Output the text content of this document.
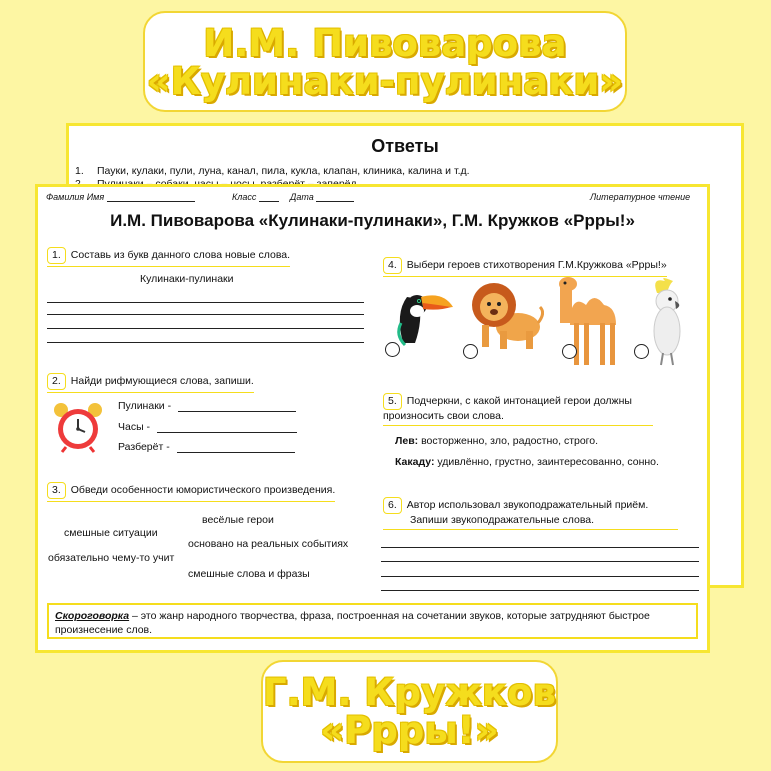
И.М. Пивоварова
«Кулинаки-пулинаки»
Ответы
1. Пауки, кулаки, пули, луна, канал, пила, кукла, клапан, клиника, калина и т.д.
Фамилия Имя	Класс	Дата	Литературное чтение
И.М. Пивоварова «Кулинаки-пулинаки», Г.М. Кружков «Ррры!»
1. Составь из букв данного слова новые слова.
Кулинаки-пулинаки
2. Найди рифмующиеся слова, запиши.
Пулинаки -
Часы -
Разберёт -
3. Обведи особенности юмористического произведения.
весёлые герои
смешные ситуации
основано на реальных событиях
обязательно чему-то учит
смешные слова и фразы
4. Выбери героев стихотворения Г.М.Кружкова «Ррры!»
5. Подчеркни, с какой интонацией герои должны произносить свои слова.
Лев: восторженно, зло, радостно, строго.
Какаду: удивлённо, грустно, заинтересованно, сонно.
6. Автор использовал звукоподражательный приём.
Запиши звукоподражательные слова.
Скороговорка – это жанр народного творчества, фраза, построенная на сочетании звуков, которые затрудняют быстрое произнесение слов.
Г.М. Кружков
«Ррры!»
